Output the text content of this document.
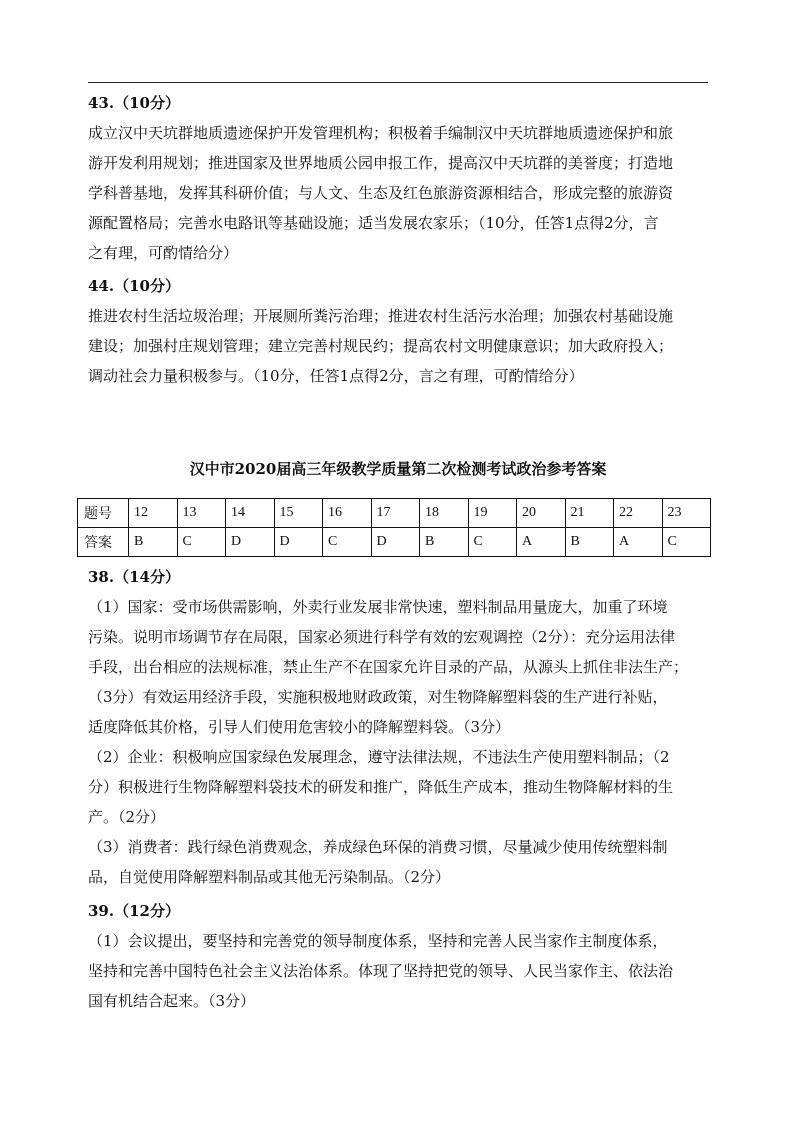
43.（10分）
成立汉中天坑群地质遗迹保护开发管理机构；积极着手编制汉中天坑群地质遗迹保护和旅
游开发利用规划；推进国家及世界地质公园申报工作，提高汉中天坑群的美誉度；打造地
学科普基地，发挥其科研价值；与人文、生态及红色旅游资源相结合，形成完整的旅游资
源配置格局；完善水电路讯等基础设施；适当发展农家乐；（10分，任答1点得2分，言
之有理，可酌情给分）
44.（10分）
推进农村生活垃圾治理；开展厕所粪污治理；推进农村生活污水治理；加强农村基础设施
建设；加强村庄规划管理；建立完善村规民约；提高农村文明健康意识；加大政府投入；
调动社会力量积极参与。（10分，任答1点得2分，言之有理，可酌情给分）
汉中市2020届高三年级教学质量第二次检测考试政治参考答案
题号	12	13	14	15	16	17	18	19	20	21	22	23
答案	B	C	D	D	C	D	B	C	A	B	A	C
38.（14分）
（1）国家：受市场供需影响，外卖行业发展非常快速，塑料制品用量庞大，加重了环境
污染。说明市场调节存在局限，国家必须进行科学有效的宏观调控（2分）：充分运用法律
手段，出台相应的法规标准，禁止生产不在国家允许目录的产品，从源头上抓住非法生产；
（3分）有效运用经济手段，实施积极地财政政策，对生物降解塑料袋的生产进行补贴，
适度降低其价格，引导人们使用危害较小的降解塑料袋。（3分）
（2）企业：积极响应国家绿色发展理念，遵守法律法规，不违法生产使用塑料制品；（2
分）积极进行生物降解塑料袋技术的研发和推广，降低生产成本，推动生物降解材料的生
产。（2分）
（3）消费者：践行绿色消费观念，养成绿色环保的消费习惯，尽量减少使用传统塑料制
品，自觉使用降解塑料制品或其他无污染制品。（2分）
39.（12分）
（1）会议提出，要坚持和完善党的领导制度体系，坚持和完善人民当家作主制度体系，
坚持和完善中国特色社会主义法治体系。体现了坚持把党的领导、人民当家作主、依法治
国有机结合起来。（3分）
